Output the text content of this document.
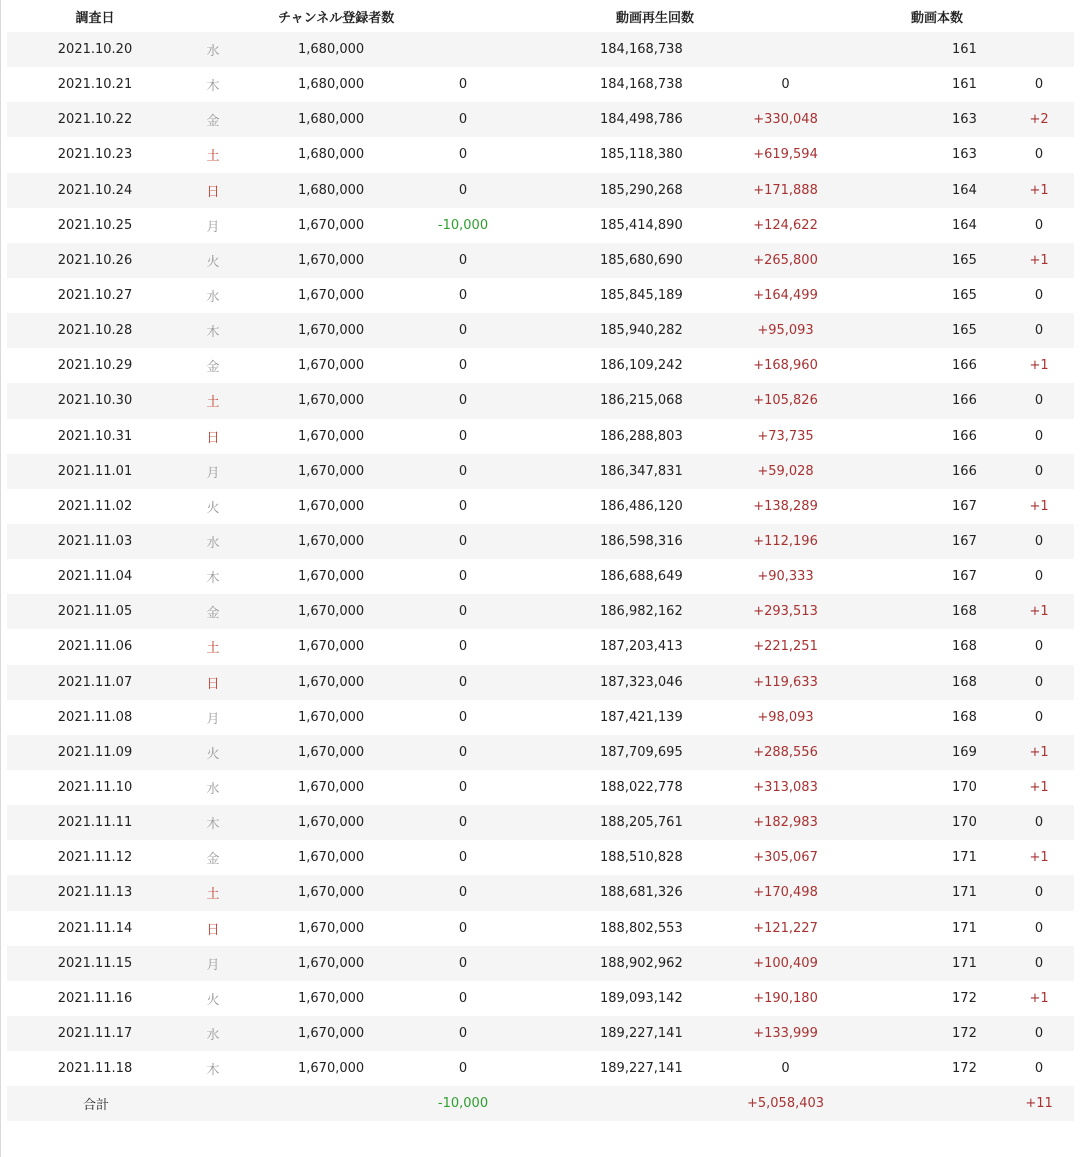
調査日		チャンネル登録者数		動画再生回数		動画本数	
2021.10.20	水	1,680,000		184,168,738		161	
2021.10.21	木	1,680,000	0	184,168,738	0	161	0
2021.10.22	金	1,680,000	0	184,498,786	+330,048	163	+2
2021.10.23	土	1,680,000	0	185,118,380	+619,594	163	0
2021.10.24	日	1,680,000	0	185,290,268	+171,888	164	+1
2021.10.25	月	1,670,000	-10,000	185,414,890	+124,622	164	0
2021.10.26	火	1,670,000	0	185,680,690	+265,800	165	+1
2021.10.27	水	1,670,000	0	185,845,189	+164,499	165	0
2021.10.28	木	1,670,000	0	185,940,282	+95,093	165	0
2021.10.29	金	1,670,000	0	186,109,242	+168,960	166	+1
2021.10.30	土	1,670,000	0	186,215,068	+105,826	166	0
2021.10.31	日	1,670,000	0	186,288,803	+73,735	166	0
2021.11.01	月	1,670,000	0	186,347,831	+59,028	166	0
2021.11.02	火	1,670,000	0	186,486,120	+138,289	167	+1
2021.11.03	水	1,670,000	0	186,598,316	+112,196	167	0
2021.11.04	木	1,670,000	0	186,688,649	+90,333	167	0
2021.11.05	金	1,670,000	0	186,982,162	+293,513	168	+1
2021.11.06	土	1,670,000	0	187,203,413	+221,251	168	0
2021.11.07	日	1,670,000	0	187,323,046	+119,633	168	0
2021.11.08	月	1,670,000	0	187,421,139	+98,093	168	0
2021.11.09	火	1,670,000	0	187,709,695	+288,556	169	+1
2021.11.10	水	1,670,000	0	188,022,778	+313,083	170	+1
2021.11.11	木	1,670,000	0	188,205,761	+182,983	170	0
2021.11.12	金	1,670,000	0	188,510,828	+305,067	171	+1
2021.11.13	土	1,670,000	0	188,681,326	+170,498	171	0
2021.11.14	日	1,670,000	0	188,802,553	+121,227	171	0
2021.11.15	月	1,670,000	0	188,902,962	+100,409	171	0
2021.11.16	火	1,670,000	0	189,093,142	+190,180	172	+1
2021.11.17	水	1,670,000	0	189,227,141	+133,999	172	0
2021.11.18	木	1,670,000	0	189,227,141	0	172	0
合計			-10,000		+5,058,403		+11
